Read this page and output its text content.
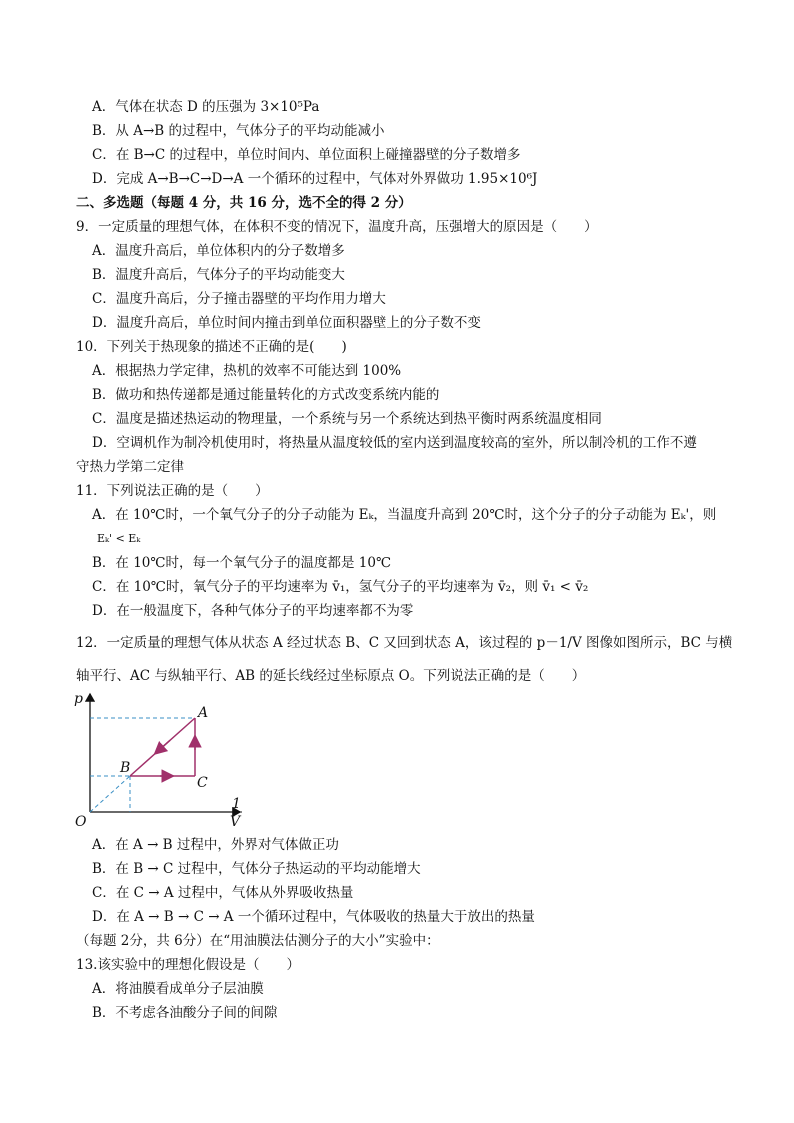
A．气体在状态 D 的压强为 3×10⁵Pa
B．从 A→B 的过程中，气体分子的平均动能减小
C．在 B→C 的过程中，单位时间内、单位面积上碰撞器壁的分子数增多
D．完成 A→B→C→D→A 一个循环的过程中，气体对外界做功 1.95×10⁶J
二、多选题（每题 4 分，共 16 分，选不全的得 2 分）
9．一定质量的理想气体，在体积不变的情况下，温度升高，压强增大的原因是（　　）
A．温度升高后，单位体积内的分子数增多
B．温度升高后，气体分子的平均动能变大
C．温度升高后，分子撞击器壁的平均作用力增大
D．温度升高后，单位时间内撞击到单位面积器壁上的分子数不变
10．下列关于热现象的描述不正确的是(　　)
A．根据热力学定律，热机的效率不可能达到 100%
B．做功和热传递都是通过能量转化的方式改变系统内能的
C．温度是描述热运动的物理量，一个系统与另一个系统达到热平衡时两系统温度相同
D．空调机作为制冷机使用时，将热量从温度较低的室内送到温度较高的室外，所以制冷机的工作不遵
守热力学第二定律
11．下列说法正确的是（　　）
A．在 10℃时，一个氧气分子的分子动能为 Eₖ，当温度升高到 20℃时，这个分子的分子动能为 Eₖ'，则
Eₖ' < Eₖ
B．在 10℃时，每一个氧气分子的温度都是 10℃
C．在 10℃时，氧气分子的平均速率为 v̄₁，氢气分子的平均速率为 v̄₂，则 v̄₁ < v̄₂
D．在一般温度下，各种气体分子的平均速率都不为零
12．一定质量的理想气体从状态 A 经过状态 B、C 又回到状态 A，该过程的 p－1/V 图像如图所示，BC 与横
轴平行、AC 与纵轴平行、AB 的延长线经过坐标原点 O。下列说法正确的是（　　）
p
A
B
C
O
1
V
A．在 A → B 过程中，外界对气体做正功
B．在 B → C 过程中，气体分子热运动的平均动能增大
C．在 C → A 过程中，气体从外界吸收热量
D．在 A → B → C → A 一个循环过程中，气体吸收的热量大于放出的热量
（每题 2分，共 6分）在“用油膜法估测分子的大小”实验中：
13.该实验中的理想化假设是（　　）
A．将油膜看成单分子层油膜
B．不考虑各油酸分子间的间隙
